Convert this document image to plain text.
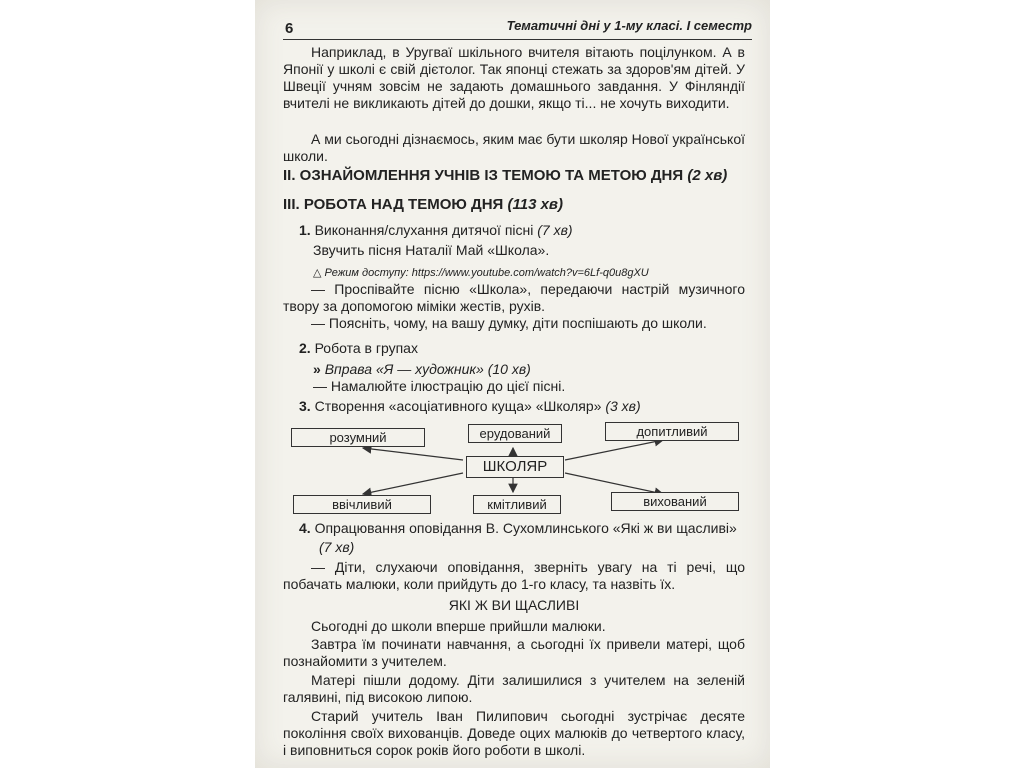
6	Тематичні дні у 1-му класі. І семестр
Наприклад, в Уругваї шкільного вчителя вітають поцілунком. А в Японії у школі є свій дієтолог. Так японці стежать за здоров'ям дітей. У Швеції учням зовсім не задають домашнього завдання. У Фінляндії вчителі не викликають дітей до дошки, якщо ті... не хочуть виходити.
А ми сьогодні дізнаємось, яким має бути школяр Нової української школи.
II. ОЗНАЙОМЛЕННЯ УЧНІВ ІЗ ТЕМОЮ ТА МЕТОЮ ДНЯ (2 хв)
III. РОБОТА НАД ТЕМОЮ ДНЯ (113 хв)
1. Виконання/слухання дитячої пісні (7 хв)
Звучить пісня Наталії Май «Школа».
△ Режим доступу: https://www.youtube.com/watch?v=6Lf-q0u8gXU
— Проспівайте пісню «Школа», передаючи настрій музичного твору за допомогою міміки жестів, рухів.
— Поясніть, чому, на вашу думку, діти поспішають до школи.
2. Робота в групах
» Вправа «Я — художник» (10 хв)
— Намалюйте ілюстрацію до цієї пісні.
3. Створення «асоціативного куща» «Школяр» (3 хв)
розумний	ерудований	допитливий
ШКОЛЯР
ввічливий	кмітливий	вихований
4. Опрацювання оповідання В. Сухомлинського «Які ж ви щасливі»
(7 хв)
— Діти, слухаючи оповідання, зверніть увагу на ті речі, що побачать малюки, коли прийдуть до 1-го класу, та назвіть їх.
ЯКІ Ж ВИ ЩАСЛИВІ
Сьогодні до школи вперше прийшли малюки.
Завтра їм починати навчання, а сьогодні їх привели матері, щоб познайомити з учителем.
Матері пішли додому. Діти залишилися з учителем на зеленій галявині, під високою липою.
Старий учитель Іван Пилипович сьогодні зустрічає десяте покоління своїх вихованців. Доведе оцих малюків до четвертого класу, і виповниться сорок років його роботи в школі.
